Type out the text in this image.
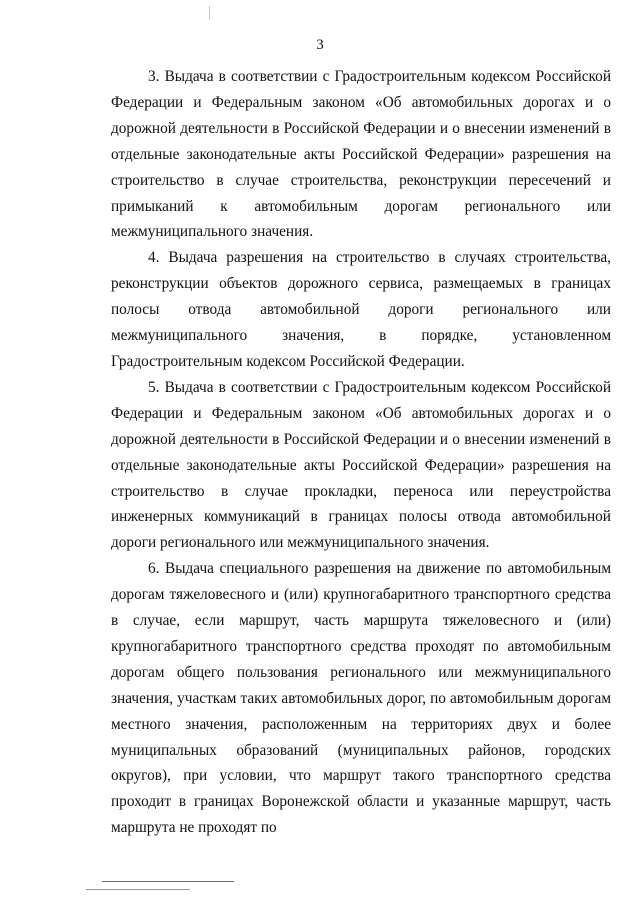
3

3. Выдача в соответствии с Градостроительным кодексом Российской Федерации и Федеральным законом «Об автомобильных дорогах и о дорожной деятельности в Российской Федерации и о внесении изменений в отдельные законодательные акты Российской Федерации» разрешения на строительство в случае строительства, реконструкции пересечений и примыканий к автомобильным дорогам регионального или межмуниципального значения.

4. Выдача разрешения на строительство в случаях строительства, реконструкции объектов дорожного сервиса, размещаемых в границах полосы отвода автомобильной дороги регионального или межмуниципального значения, в порядке, установленном Градостроительным кодексом Российской Федерации.

5. Выдача в соответствии с Градостроительным кодексом Российской Федерации и Федеральным законом «Об автомобильных дорогах и о дорожной деятельности в Российской Федерации и о внесении изменений в отдельные законодательные акты Российской Федерации» разрешения на строительство в случае прокладки, переноса или переустройства инженерных коммуникаций в границах полосы отвода автомобильной дороги регионального или межмуниципального значения.

6. Выдача специального разрешения на движение по автомобильным дорогам тяжеловесного и (или) крупногабаритного транспортного средства в случае, если маршрут, часть маршрута тяжеловесного и (или) крупногабаритного транспортного средства проходят по автомобильным дорогам общего пользования регионального или межмуниципального значения, участкам таких автомобильных дорог, по автомобильным дорогам местного значения, расположенным на территориях двух и более муниципальных образований (муниципальных районов, городских округов), при условии, что маршрут такого транспортного средства проходит в границах Воронежской области и указанные маршрут, часть маршрута не проходят по
